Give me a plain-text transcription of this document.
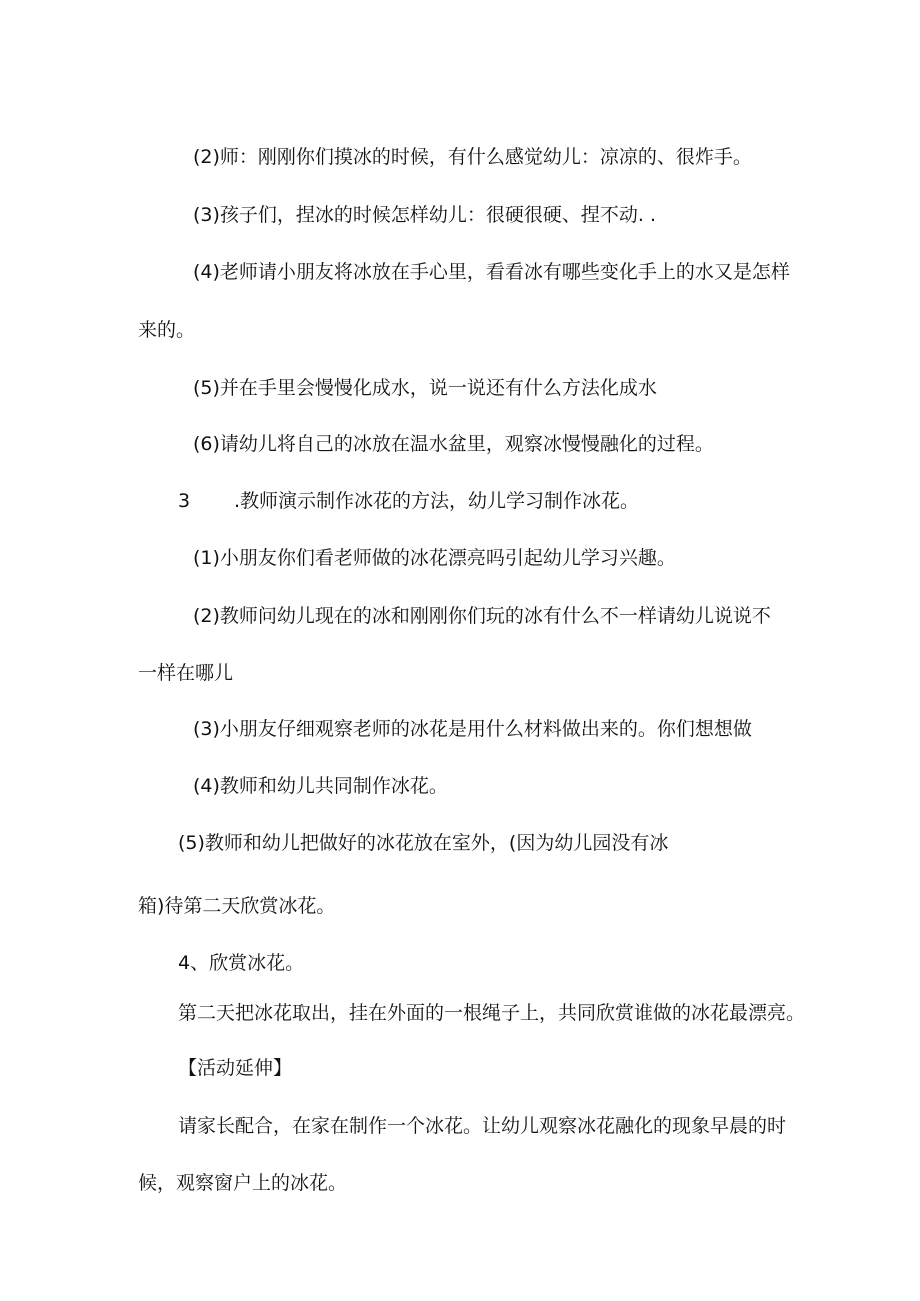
(2)师：刚刚你们摸冰的时候，有什么感觉幼儿：凉凉的、很炸手。
(3)孩子们，捏冰的时候怎样幼儿：很硬很硬、捏不动. .
(4)老师请小朋友将冰放在手心里，看看冰有哪些变化手上的水又是怎样
来的。
(5)并在手里会慢慢化成水，说一说还有什么方法化成水
(6)请幼儿将自己的冰放在温水盆里，观察冰慢慢融化的过程。
3 .教师演示制作冰花的方法，幼儿学习制作冰花。
(1)小朋友你们看老师做的冰花漂亮吗引起幼儿学习兴趣。
(2)教师问幼儿现在的冰和刚刚你们玩的冰有什么不一样请幼儿说说不
一样在哪儿
(3)小朋友仔细观察老师的冰花是用什么材料做出来的。你们想想做
(4)教师和幼儿共同制作冰花。
(5)教师和幼儿把做好的冰花放在室外，(因为幼儿园没有冰
箱)待第二天欣赏冰花。
4、欣赏冰花。
第二天把冰花取出，挂在外面的一根绳子上，共同欣赏谁做的冰花最漂亮。
【活动延伸】
请家长配合，在家在制作一个冰花。让幼儿观察冰花融化的现象早晨的时
候，观察窗户上的冰花。
